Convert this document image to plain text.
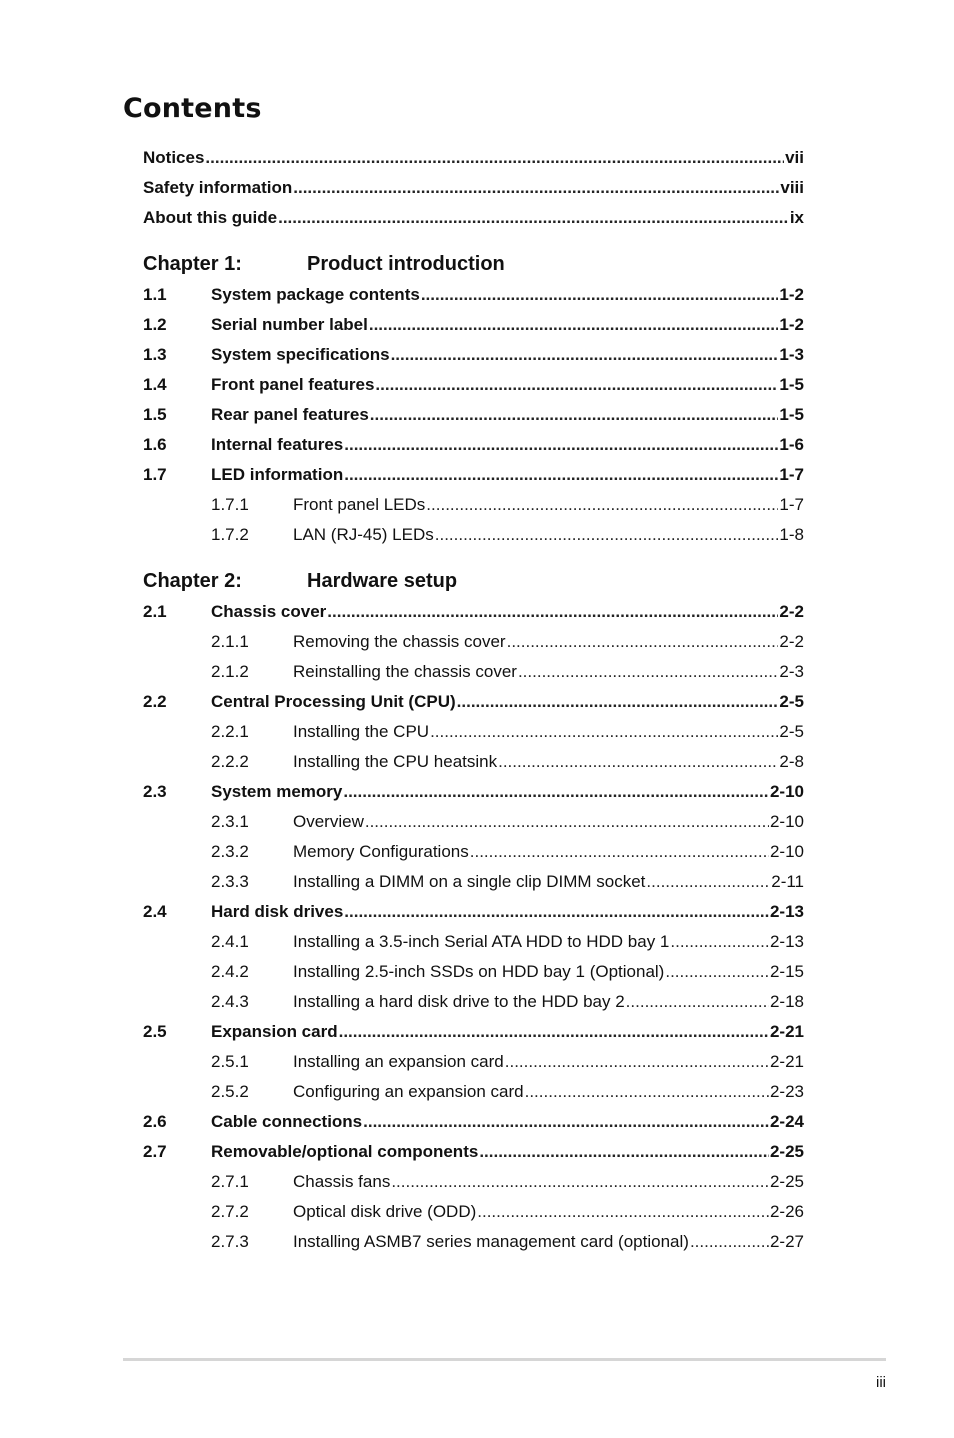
Contents
Notices .....	vii
Safety information .....	viii
About this guide .....	ix
Chapter 1:	Product introduction
1.1	System package contents .....	1-2
1.2	Serial number label .....	1-2
1.3	System specifications .....	1-3
1.4	Front panel features .....	1-5
1.5	Rear panel features .....	1-5
1.6	Internal features .....	1-6
1.7	LED information .....	1-7
1.7.1	Front panel LEDs .....	1-7
1.7.2	LAN (RJ-45) LEDs .....	1-8
Chapter 2:	Hardware setup
2.1	Chassis cover .....	2-2
2.1.1	Removing the chassis cover .....	2-2
2.1.2	Reinstalling the chassis cover .....	2-3
2.2	Central Processing Unit (CPU) .....	2-5
2.2.1	Installing the CPU .....	2-5
2.2.2	Installing the CPU heatsink .....	2-8
2.3	System memory .....	2-10
2.3.1	Overview .....	2-10
2.3.2	Memory Configurations .....	2-10
2.3.3	Installing a DIMM on a single clip DIMM socket .....	2-11
2.4	Hard disk drives .....	2-13
2.4.1	Installing a 3.5-inch Serial ATA HDD to HDD bay 1 .....	2-13
2.4.2	Installing 2.5-inch SSDs on HDD bay 1 (Optional) .....	2-15
2.4.3	Installing a hard disk drive to the HDD bay 2 .....	2-18
2.5	Expansion card .....	2-21
2.5.1	Installing an expansion card .....	2-21
2.5.2	Configuring an expansion card .....	2-23
2.6	Cable connections .....	2-24
2.7	Removable/optional components .....	2-25
2.7.1	Chassis fans .....	2-25
2.7.2	Optical disk drive (ODD) .....	2-26
2.7.3	Installing ASMB7 series management card (optional) .....	2-27
iii
